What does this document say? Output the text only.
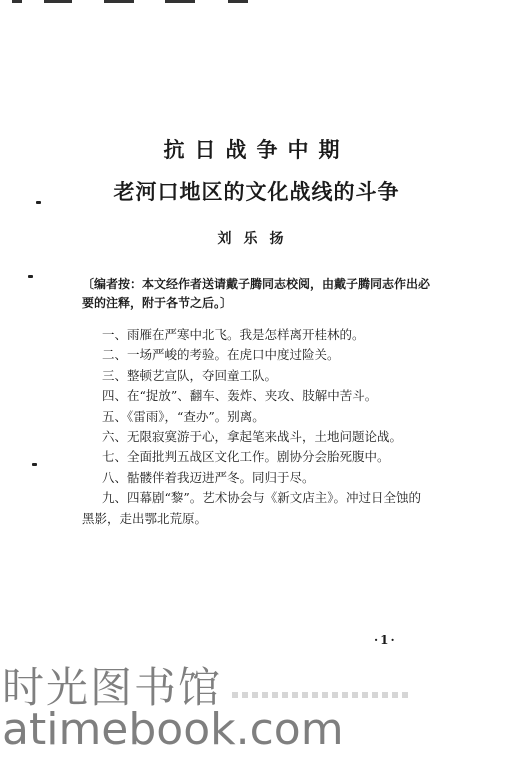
抗日战争中期
老河口地区的文化战线的斗争
刘乐扬
〔编者按：本文经作者送请戴子腾同志校阅，由戴子腾同志作出必要的注释，附于各节之后。〕
一、雨雁在严寒中北飞。我是怎样离开桂林的。
二、一场严峻的考验。在虎口中度过险关。
三、整顿艺宣队，夺回童工队。
四、在“捉放”、翻车、轰炸、夹攻、肢解中苦斗。
五、《雷雨》，“查办”。别离。
六、无限寂寞游于心，拿起笔来战斗，土地问题论战。
七、全面批判五战区文化工作。剧协分会胎死腹中。
八、骷髅伴着我迈进严冬。同归于尽。
九、四幕剧“黎”。艺术协会与《新文店主》。冲过日全蚀的黑影，走出鄂北荒原。
·1·
时光图书馆
atimebook.com
